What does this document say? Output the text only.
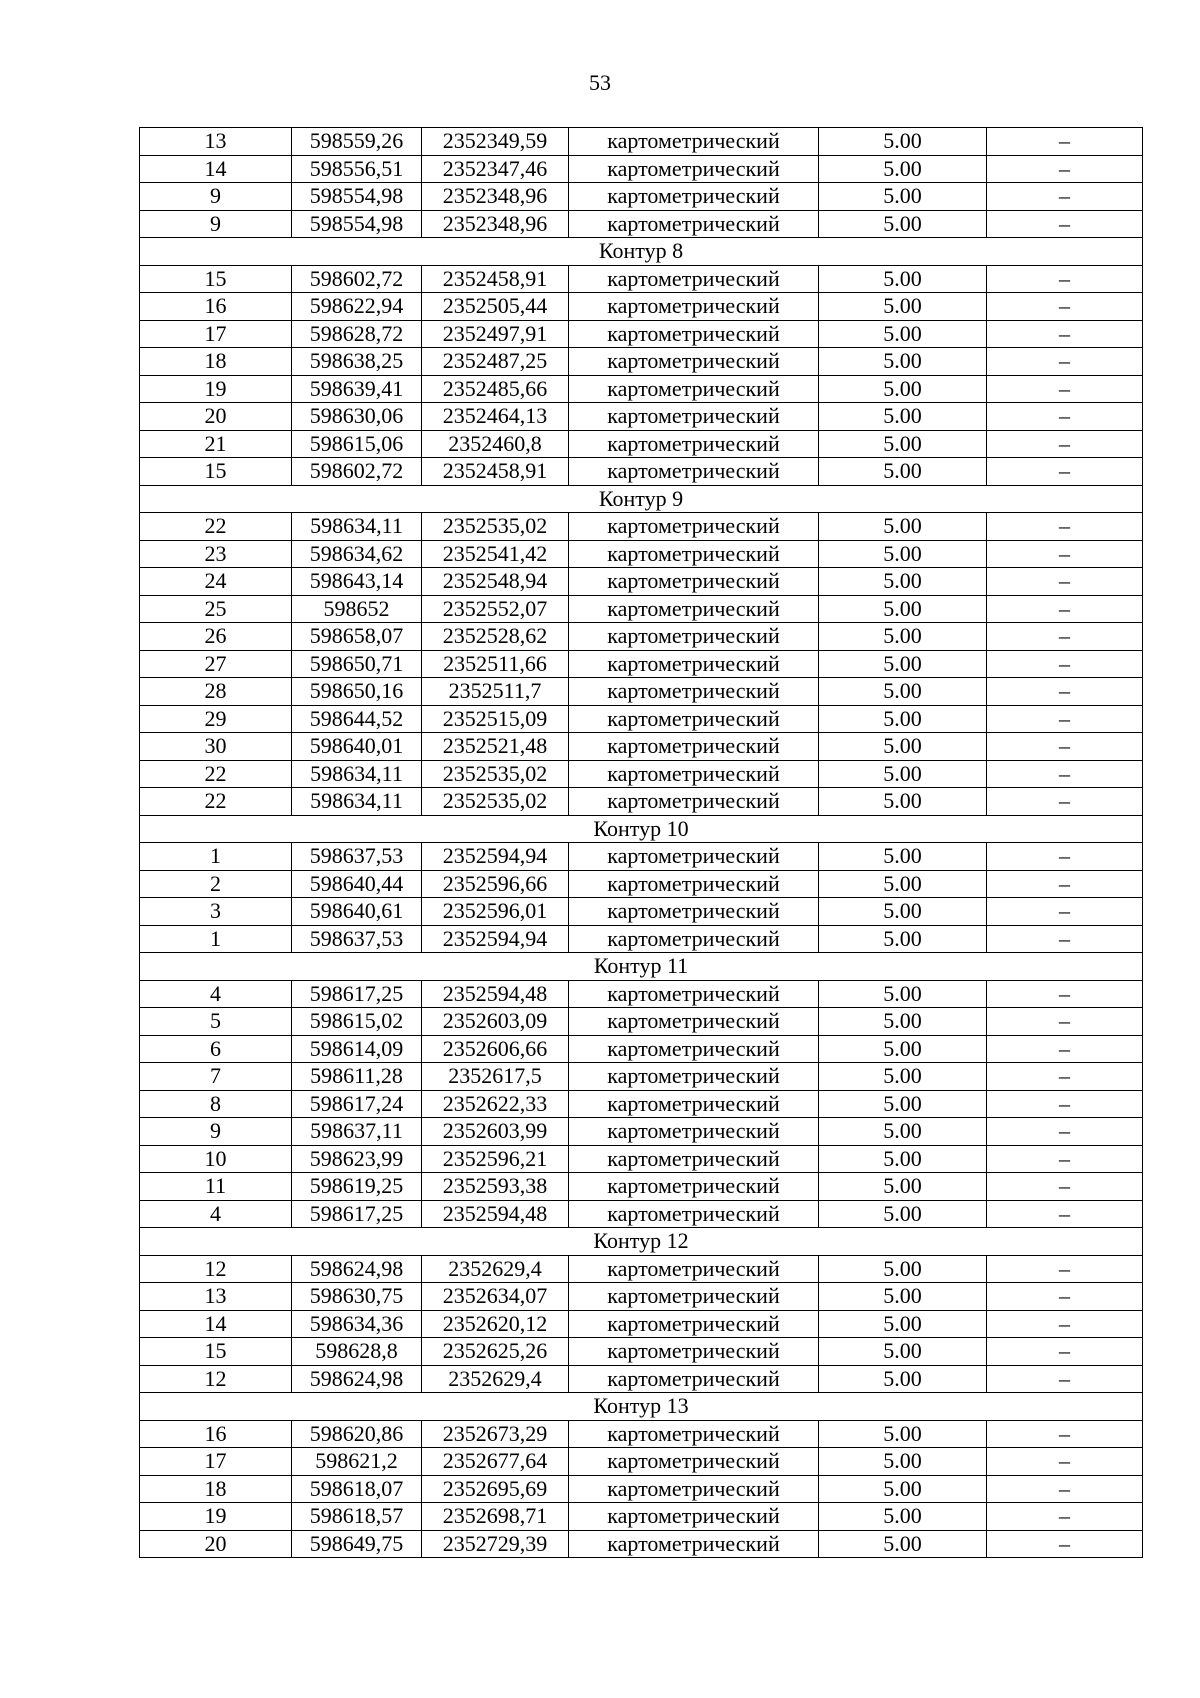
53
13	598559,26	2352349,59	картометрический	5.00	–
14	598556,51	2352347,46	картометрический	5.00	–
9	598554,98	2352348,96	картометрический	5.00	–
9	598554,98	2352348,96	картометрический	5.00	–
Контур 8					
15	598602,72	2352458,91	картометрический	5.00	–
16	598622,94	2352505,44	картометрический	5.00	–
17	598628,72	2352497,91	картометрический	5.00	–
18	598638,25	2352487,25	картометрический	5.00	–
19	598639,41	2352485,66	картометрический	5.00	–
20	598630,06	2352464,13	картометрический	5.00	–
21	598615,06	2352460,8	картометрический	5.00	–
15	598602,72	2352458,91	картометрический	5.00	–
Контур 9					
22	598634,11	2352535,02	картометрический	5.00	–
23	598634,62	2352541,42	картометрический	5.00	–
24	598643,14	2352548,94	картометрический	5.00	–
25	598652	2352552,07	картометрический	5.00	–
26	598658,07	2352528,62	картометрический	5.00	–
27	598650,71	2352511,66	картометрический	5.00	–
28	598650,16	2352511,7	картометрический	5.00	–
29	598644,52	2352515,09	картометрический	5.00	–
30	598640,01	2352521,48	картометрический	5.00	–
22	598634,11	2352535,02	картометрический	5.00	–
22	598634,11	2352535,02	картометрический	5.00	–
Контур 10					
1	598637,53	2352594,94	картометрический	5.00	–
2	598640,44	2352596,66	картометрический	5.00	–
3	598640,61	2352596,01	картометрический	5.00	–
1	598637,53	2352594,94	картометрический	5.00	–
Контур 11					
4	598617,25	2352594,48	картометрический	5.00	–
5	598615,02	2352603,09	картометрический	5.00	–
6	598614,09	2352606,66	картометрический	5.00	–
7	598611,28	2352617,5	картометрический	5.00	–
8	598617,24	2352622,33	картометрический	5.00	–
9	598637,11	2352603,99	картометрический	5.00	–
10	598623,99	2352596,21	картометрический	5.00	–
11	598619,25	2352593,38	картометрический	5.00	–
4	598617,25	2352594,48	картометрический	5.00	–
Контур 12					
12	598624,98	2352629,4	картометрический	5.00	–
13	598630,75	2352634,07	картометрический	5.00	–
14	598634,36	2352620,12	картометрический	5.00	–
15	598628,8	2352625,26	картометрический	5.00	–
12	598624,98	2352629,4	картометрический	5.00	–
Контур 13					
16	598620,86	2352673,29	картометрический	5.00	–
17	598621,2	2352677,64	картометрический	5.00	–
18	598618,07	2352695,69	картометрический	5.00	–
19	598618,57	2352698,71	картометрический	5.00	–
20	598649,75	2352729,39	картометрический	5.00	–
